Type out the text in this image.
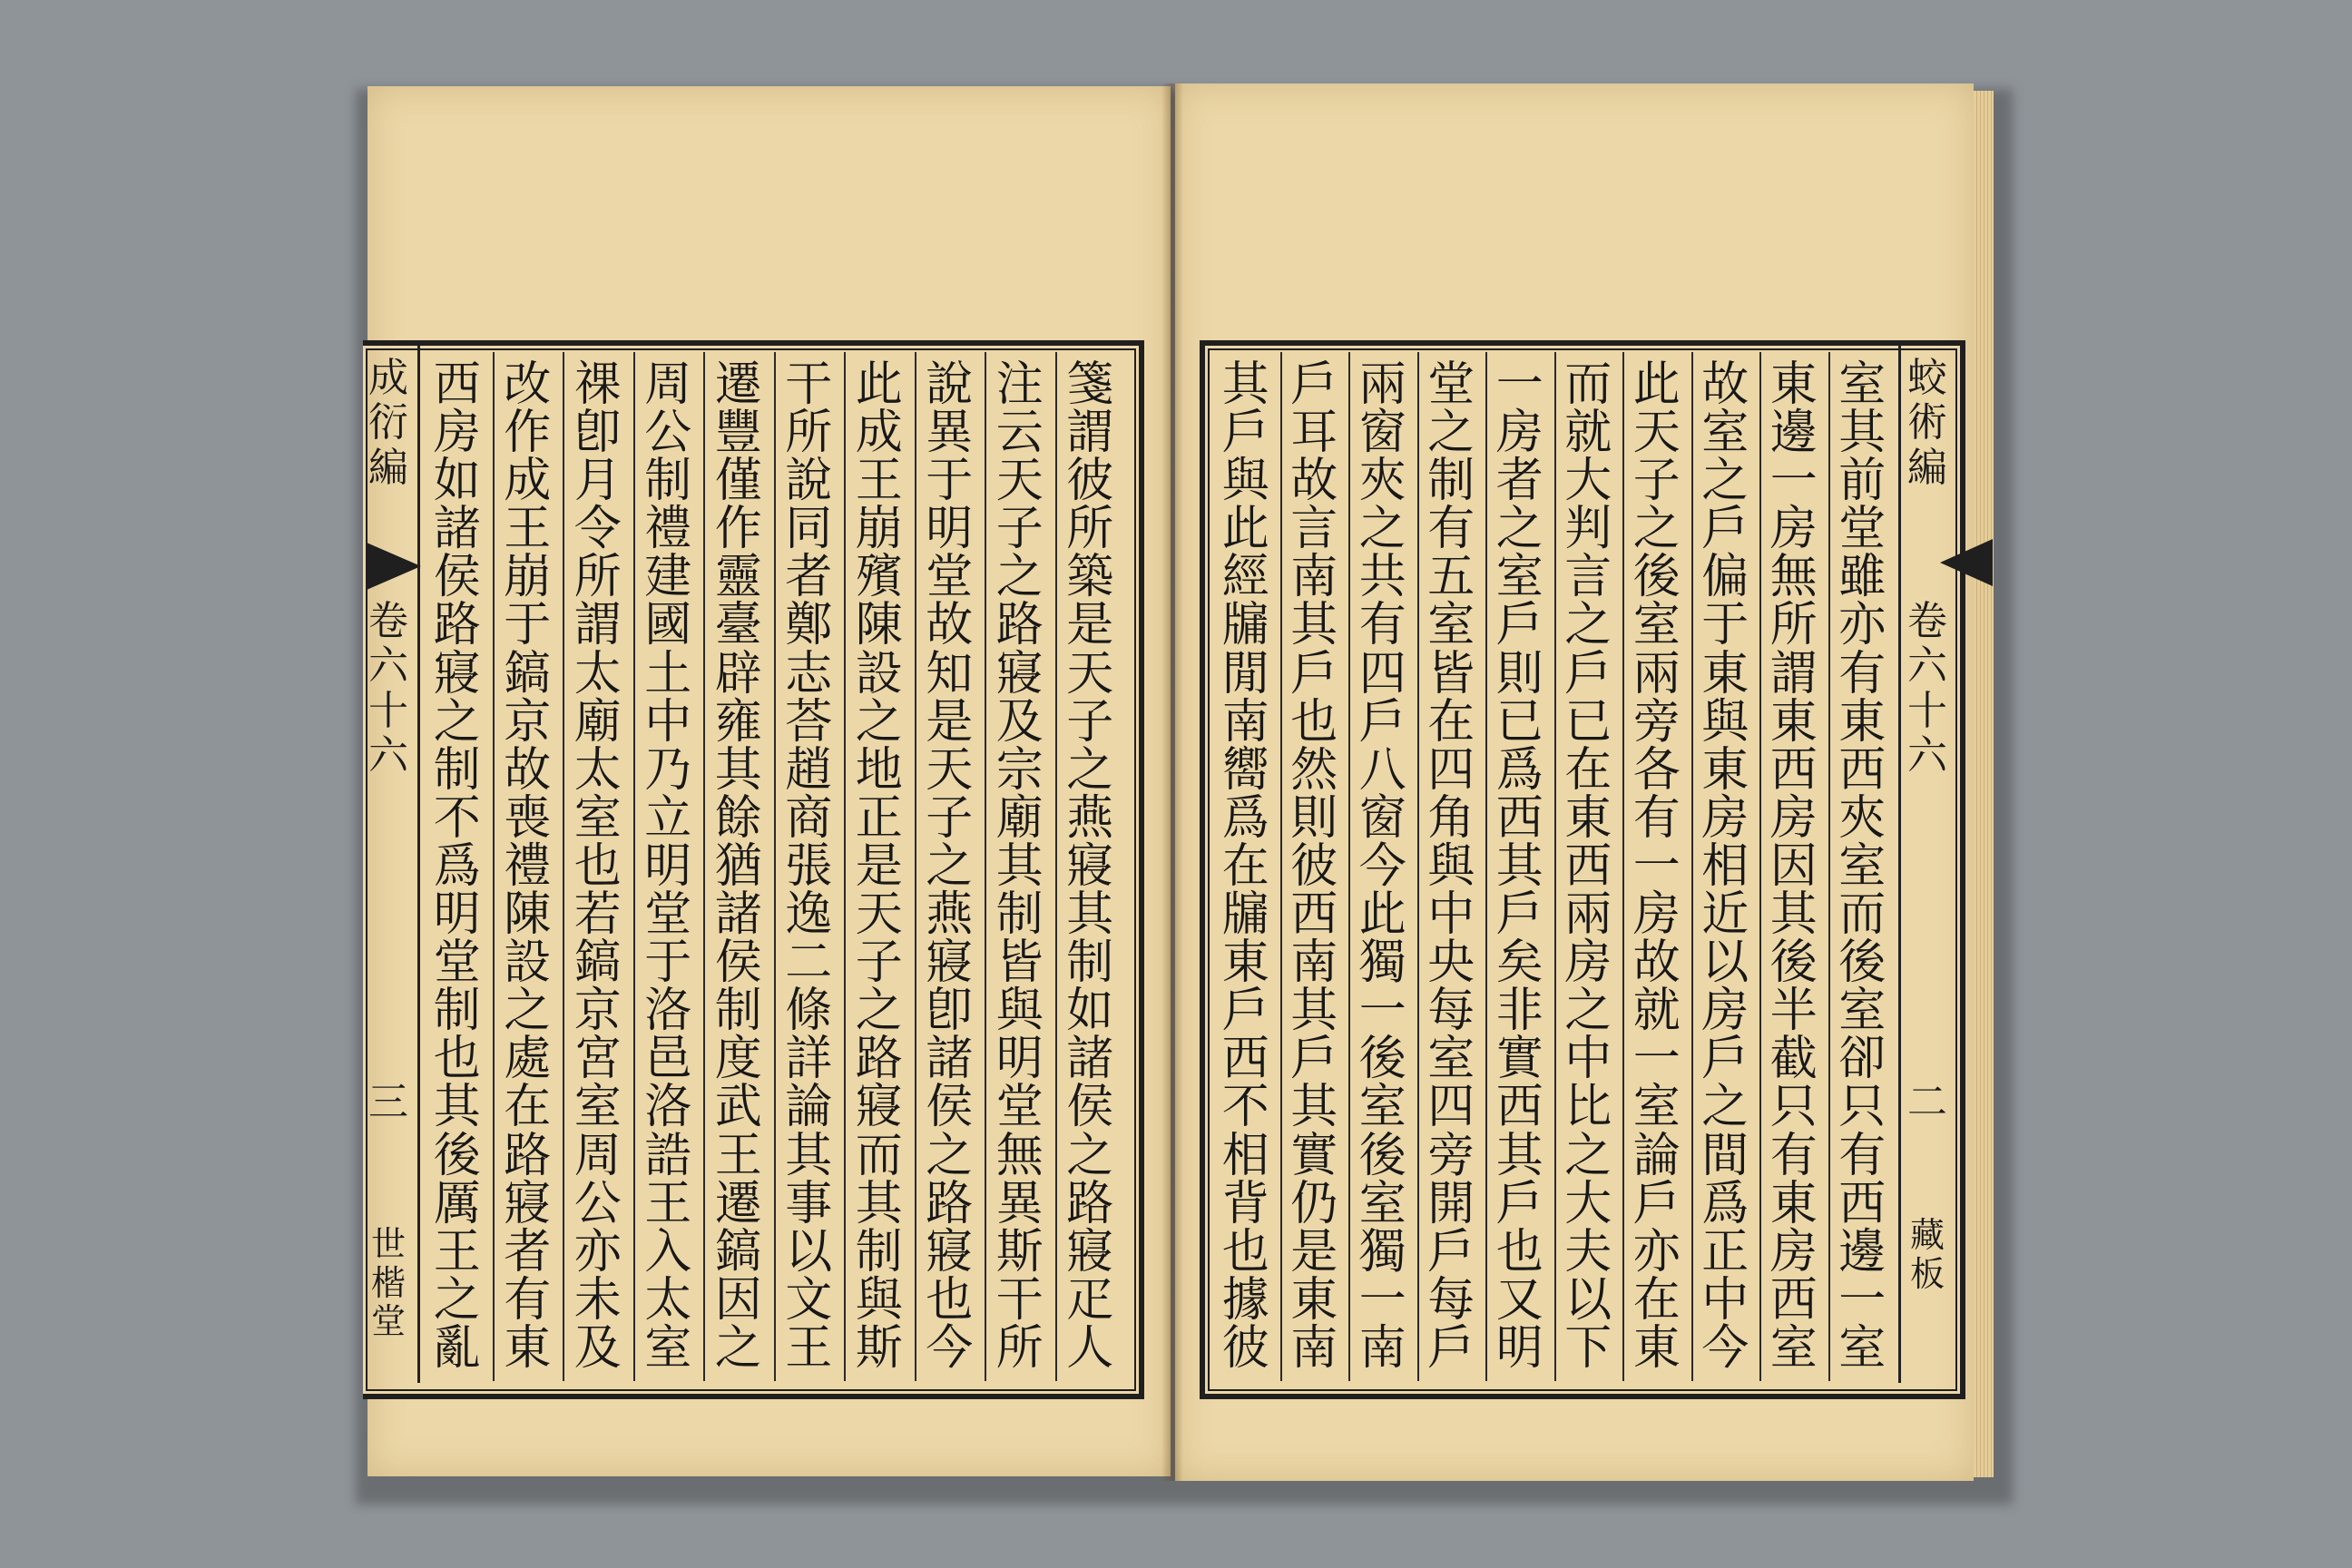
成
衍
編
卷
六
十
六
三
世
楷
堂
蛟
術
編
卷
六
十
六
二
藏
板
箋
謂
彼
所
築
是
天
子
之
燕
寢
其
制
如
諸
侯
之
路
寢
疋
人
注
云
天
子
之
路
寢
及
宗
廟
其
制
皆
與
明
堂
無
異
斯
干
所
說
異
于
明
堂
故
知
是
天
子
之
燕
寢
卽
諸
侯
之
路
寢
也
今
此
成
王
崩
殯
陳
設
之
地
正
是
天
子
之
路
寢
而
其
制
與
斯
干
所
說
同
者
鄭
志
荅
趙
商
張
逸
二
條
詳
論
其
事
以
文
王
遷
豐
僅
作
靈
臺
辟
雍
其
餘
猶
諸
侯
制
度
武
王
遷
鎬
因
之
周
公
制
禮
建
國
土
中
乃
立
明
堂
于
洛
邑
洛
誥
王
入
太
室
祼
卽
月
令
所
謂
太
廟
太
室
也
若
鎬
京
宮
室
周
公
亦
未
及
改
作
成
王
崩
于
鎬
京
故
喪
禮
陳
設
之
處
在
路
寢
者
有
東
西
房
如
諸
侯
路
寢
之
制
不
爲
明
堂
制
也
其
後
厲
王
之
亂
室
其
前
堂
雖
亦
有
東
西
夾
室
而
後
室
卻
只
有
西
邊
一
室
東
邊
一
房
無
所
謂
東
西
房
因
其
後
半
截
只
有
東
房
西
室
故
室
之
戶
偏
于
東
與
東
房
相
近
以
房
戶
之
間
爲
正
中
今
此
天
子
之
後
室
兩
旁
各
有
一
房
故
就
一
室
論
戶
亦
在
東
而
就
大
判
言
之
戶
已
在
東
西
兩
房
之
中
比
之
大
夫
以
下
一
房
者
之
室
戶
則
已
爲
西
其
戶
矣
非
實
西
其
戶
也
又
明
堂
之
制
有
五
室
皆
在
四
角
與
中
央
每
室
四
旁
開
戶
每
戶
兩
窗
夾
之
共
有
四
戶
八
窗
今
此
獨
一
後
室
後
室
獨
一
南
戶
耳
故
言
南
其
戶
也
然
則
彼
西
南
其
戶
其
實
仍
是
東
南
其
戶
與
此
經
牖
閒
南
嚮
爲
在
牖
東
戶
西
不
相
背
也
據
彼
